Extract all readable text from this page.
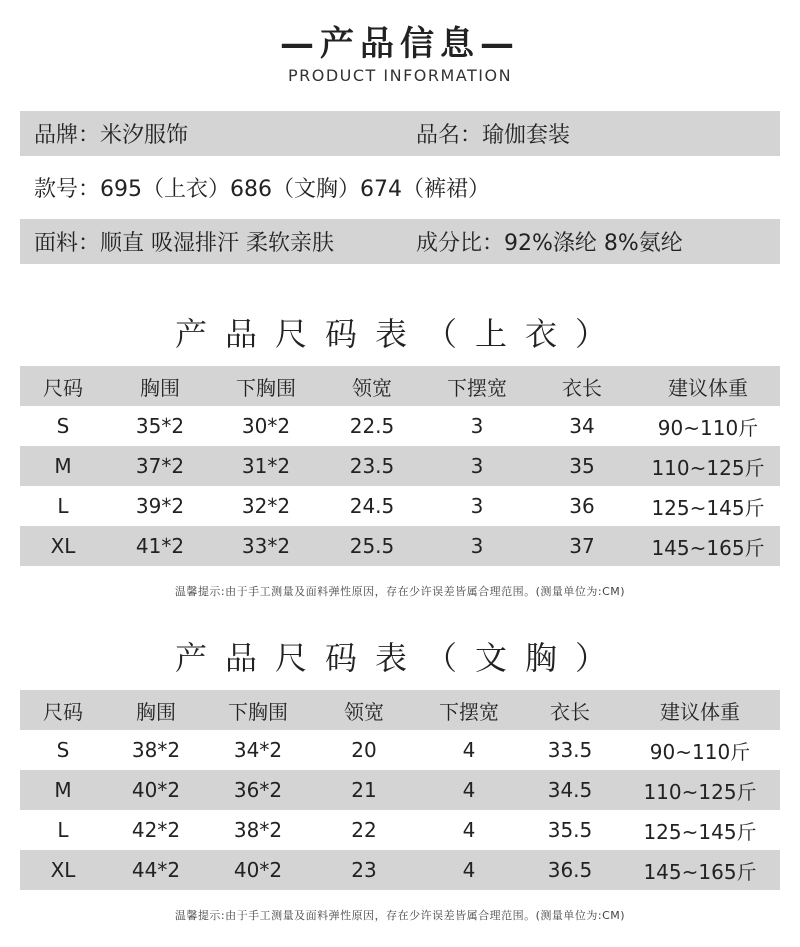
—产品信息—
PRODUCT INFORMATION
品牌：米汐服饰	品名：瑜伽套装
款号：695（上衣）686（文胸）674（裤裙）
面料：顺直 吸湿排汗 柔软亲肤	成分比：92%涤纶 8%氨纶
产品尺码表（上衣）
尺码	胸围	下胸围	领宽	下摆宽	衣长	建议体重
S	35*2	30*2	22.5	3	34	90~110斤
M	37*2	31*2	23.5	3	35	110~125斤
L	39*2	32*2	24.5	3	36	125~145斤
XL	41*2	33*2	25.5	3	37	145~165斤
温馨提示:由于手工测量及面料弹性原因，存在少许误差皆属合理范围。(测量单位为:CM)
产品尺码表（文胸）
尺码	胸围	下胸围	领宽	下摆宽	衣长	建议体重
S	38*2	34*2	20	4	33.5	90~110斤
M	40*2	36*2	21	4	34.5	110~125斤
L	42*2	38*2	22	4	35.5	125~145斤
XL	44*2	40*2	23	4	36.5	145~165斤
温馨提示:由于手工测量及面料弹性原因，存在少许误差皆属合理范围。(测量单位为:CM)
